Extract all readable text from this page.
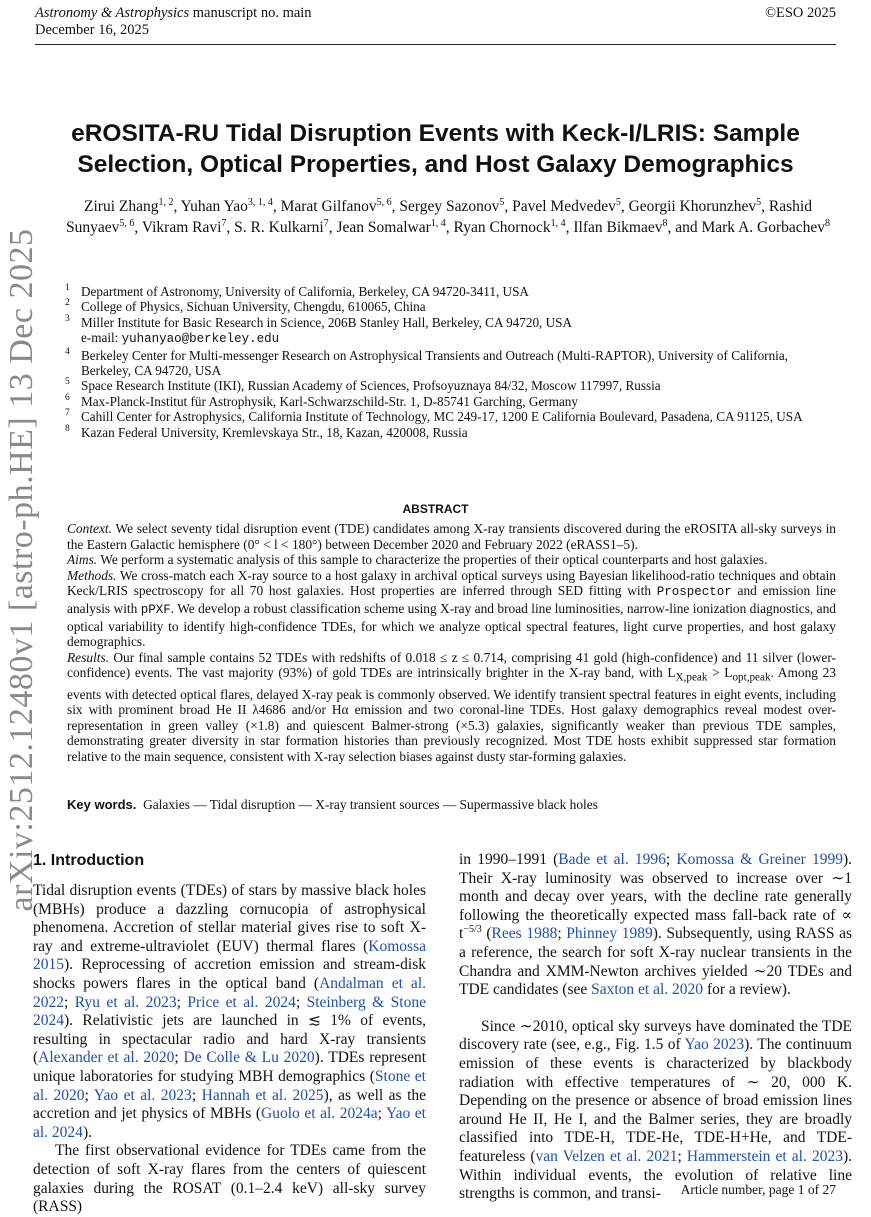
arXiv:2512.12480v1 [astro-ph.HE] 13 Dec 2025
Astronomy & Astrophysics manuscript no. main
December 16, 2025
©ESO 2025
eROSITA-RU Tidal Disruption Events with Keck-I/LRIS: Sample Selection, Optical Properties, and Host Galaxy Demographics
Zirui Zhang$^{1, 2}$, Yuhan Yao$^{3, 1, 4}$, Marat Gilfanov$^{5, 6}$, Sergey Sazonov$^5$, Pavel Medvedev$^5$, Georgii Khorunzhev$^5$, Rashid Sunyaev$^{5, 6}$, Vikram Ravi$^7$, S. R. Kulkarni$^7$, Jean Somalwar$^{1, 4}$, Ryan Chornock$^{1, 4}$, Ilfan Bikmaev$^8$, and Mark A. Gorbachev$^8$
1 Department of Astronomy, University of California, Berkeley, CA 94720-3411, USA
2 College of Physics, Sichuan University, Chengdu, 610065, China
3 Miller Institute for Basic Research in Science, 206B Stanley Hall, Berkeley, CA 94720, USA
e-mail: yuhanyao@berkeley.edu
4 Berkeley Center for Multi-messenger Research on Astrophysical Transients and Outreach (Multi-RAPTOR), University of California, Berkeley, CA 94720, USA
5 Space Research Institute (IKI), Russian Academy of Sciences, Profsoyuznaya 84/32, Moscow 117997, Russia
6 Max-Planck-Institut für Astrophysik, Karl-Schwarzschild-Str. 1, D-85741 Garching, Germany
7 Cahill Center for Astrophysics, California Institute of Technology, MC 249-17, 1200 E California Boulevard, Pasadena, CA 91125, USA
8 Kazan Federal University, Kremlevskaya Str., 18, Kazan, 420008, Russia
ABSTRACT

Context. We select seventy tidal disruption event (TDE) candidates among X-ray transients discovered during the eROSITA all-sky surveys in the Eastern Galactic hemisphere (0° < l < 180°) between December 2020 and February 2022 (eRASS1–5).

Aims. We perform a systematic analysis of this sample to characterize the properties of their optical counterparts and host galaxies.

Methods. We cross-match each X-ray source to a host galaxy in archival optical surveys using Bayesian likelihood-ratio techniques and obtain Keck/LRIS spectroscopy for all 70 host galaxies. Host properties are inferred through SED fitting with Prospector and emission line analysis with pPXF. We develop a robust classification scheme using X-ray and broad line luminosities, narrow-line ionization diagnostics, and optical variability to identify high-confidence TDEs, for which we analyze optical spectral features, light curve properties, and host galaxy demographics.

Results. Our final sample contains 52 TDEs with redshifts of 0.018 ≤ z ≤ 0.714, comprising 41 gold (high-confidence) and 11 silver (lower-confidence) events. The vast majority (93%) of gold TDEs are intrinsically brighter in the X-ray band, with $L_{X,peak} > L_{opt,peak}$. Among 23 events with detected optical flares, delayed X-ray peak is commonly observed. We identify transient spectral features in eight events, including six with prominent broad He II λ4686 and/or Hα emission and two coronal-line TDEs. Host galaxy demographics reveal modest over-representation in green valley (×1.8) and quiescent Balmer-strong (×5.3) galaxies, significantly weaker than previous TDE samples, demonstrating greater diversity in star formation histories than previously recognized. Most TDE hosts exhibit suppressed star formation relative to the main sequence, consistent with X-ray selection biases against dusty star-forming galaxies.

Key words. Galaxies — Tidal disruption — X-ray transient sources — Supermassive black holes
1. Introduction

Tidal disruption events (TDEs) of stars by massive black holes (MBHs) produce a dazzling cornucopia of astrophysical phenomena. Accretion of stellar material gives rise to soft X-ray and extreme-ultraviolet (EUV) thermal flares (Komossa 2015). Reprocessing of accretion emission and stream-disk shocks powers flares in the optical band (Andalman et al. 2022; Ryu et al. 2023; Price et al. 2024; Steinberg & Stone 2024). Relativistic jets are launched in ≲ 1% of events, resulting in spectacular radio and hard X-ray transients (Alexander et al. 2020; De Colle & Lu 2020). TDEs represent unique laboratories for studying MBH demographics (Stone et al. 2020; Yao et al. 2023; Hannah et al. 2025), as well as the accretion and jet physics of MBHs (Guolo et al. 2024a; Yao et al. 2024).

The first observational evidence for TDEs came from the detection of soft X-ray flares from the centers of quiescent galaxies during the ROSAT (0.1–2.4 keV) all-sky survey (RASS)

in 1990–1991 (Bade et al. 1996; Komossa & Greiner 1999). Their X-ray luminosity was observed to increase over ∼1 month and decay over years, with the decline rate generally following the theoretically expected mass fall-back rate of ∝ $t^{-5/3}$ (Rees 1988; Phinney 1989). Subsequently, using RASS as a reference, the search for soft X-ray nuclear transients in the Chandra and XMM-Newton archives yielded ∼20 TDEs and TDE candidates (see Saxton et al. 2020 for a review).

Since ∼2010, optical sky surveys have dominated the TDE discovery rate (see, e.g., Fig. 1.5 of Yao 2023). The continuum emission of these events is characterized by blackbody radiation with effective temperatures of ∼ 20, 000 K. Depending on the presence or absence of broad emission lines around He II, He I, and the Balmer series, they are broadly classified into TDE-H, TDE-He, TDE-H+He, and TDE-featureless (van Velzen et al. 2021; Hammerstein et al. 2023). Within individual events, the evolution of relative line strengths is common, and transi-	Article number, page 1 of 27
